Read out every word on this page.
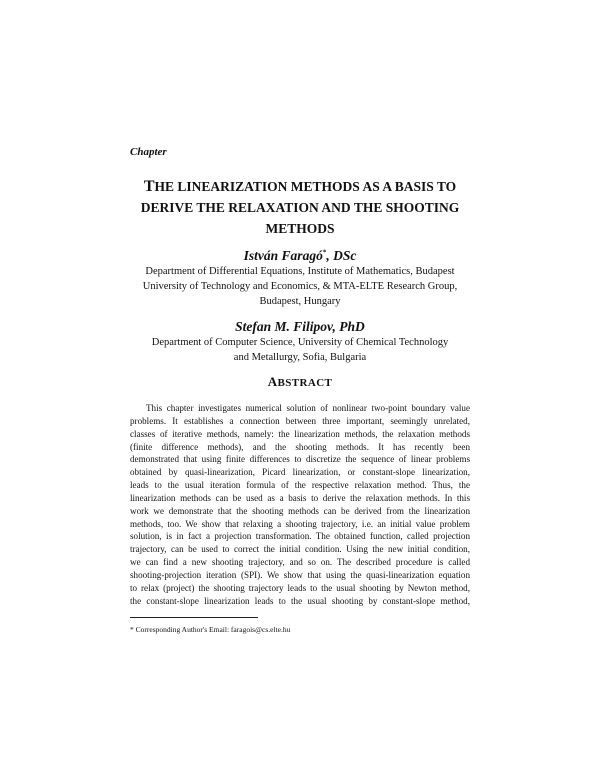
Chapter
THE LINEARIZATION METHODS AS A BASIS TO
DERIVE THE RELAXATION AND THE SHOOTING
METHODS
István Faragó*, DSc
Department of Differential Equations, Institute of Mathematics, Budapest
University of Technology and Economics, & MTA-ELTE Research Group,
Budapest, Hungary
Stefan M. Filipov, PhD
Department of Computer Science, University of Chemical Technology
and Metallurgy, Sofia, Bulgaria
ABSTRACT
This chapter investigates numerical solution of nonlinear two-point boundary value
problems. It establishes a connection between three important, seemingly unrelated,
classes of iterative methods, namely: the linearization methods, the relaxation methods
(finite difference methods), and the shooting methods. It has recently been
demonstrated that using finite differences to discretize the sequence of linear problems
obtained by quasi-linearization, Picard linearization, or constant-slope linearization,
leads to the usual iteration formula of the respective relaxation method. Thus, the
linearization methods can be used as a basis to derive the relaxation methods. In this
work we demonstrate that the shooting methods can be derived from the linearization
methods, too. We show that relaxing a shooting trajectory, i.e. an initial value problem
solution, is in fact a projection transformation. The obtained function, called projection
trajectory, can be used to correct the initial condition. Using the new initial condition,
we can find a new shooting trajectory, and so on. The described procedure is called
shooting-projection iteration (SPI). We show that using the quasi-linearization equation
to relax (project) the shooting trajectory leads to the usual shooting by Newton method,
the constant-slope linearization leads to the usual shooting by constant-slope method,
* Corresponding Author's Email: faragois@cs.elte.hu
